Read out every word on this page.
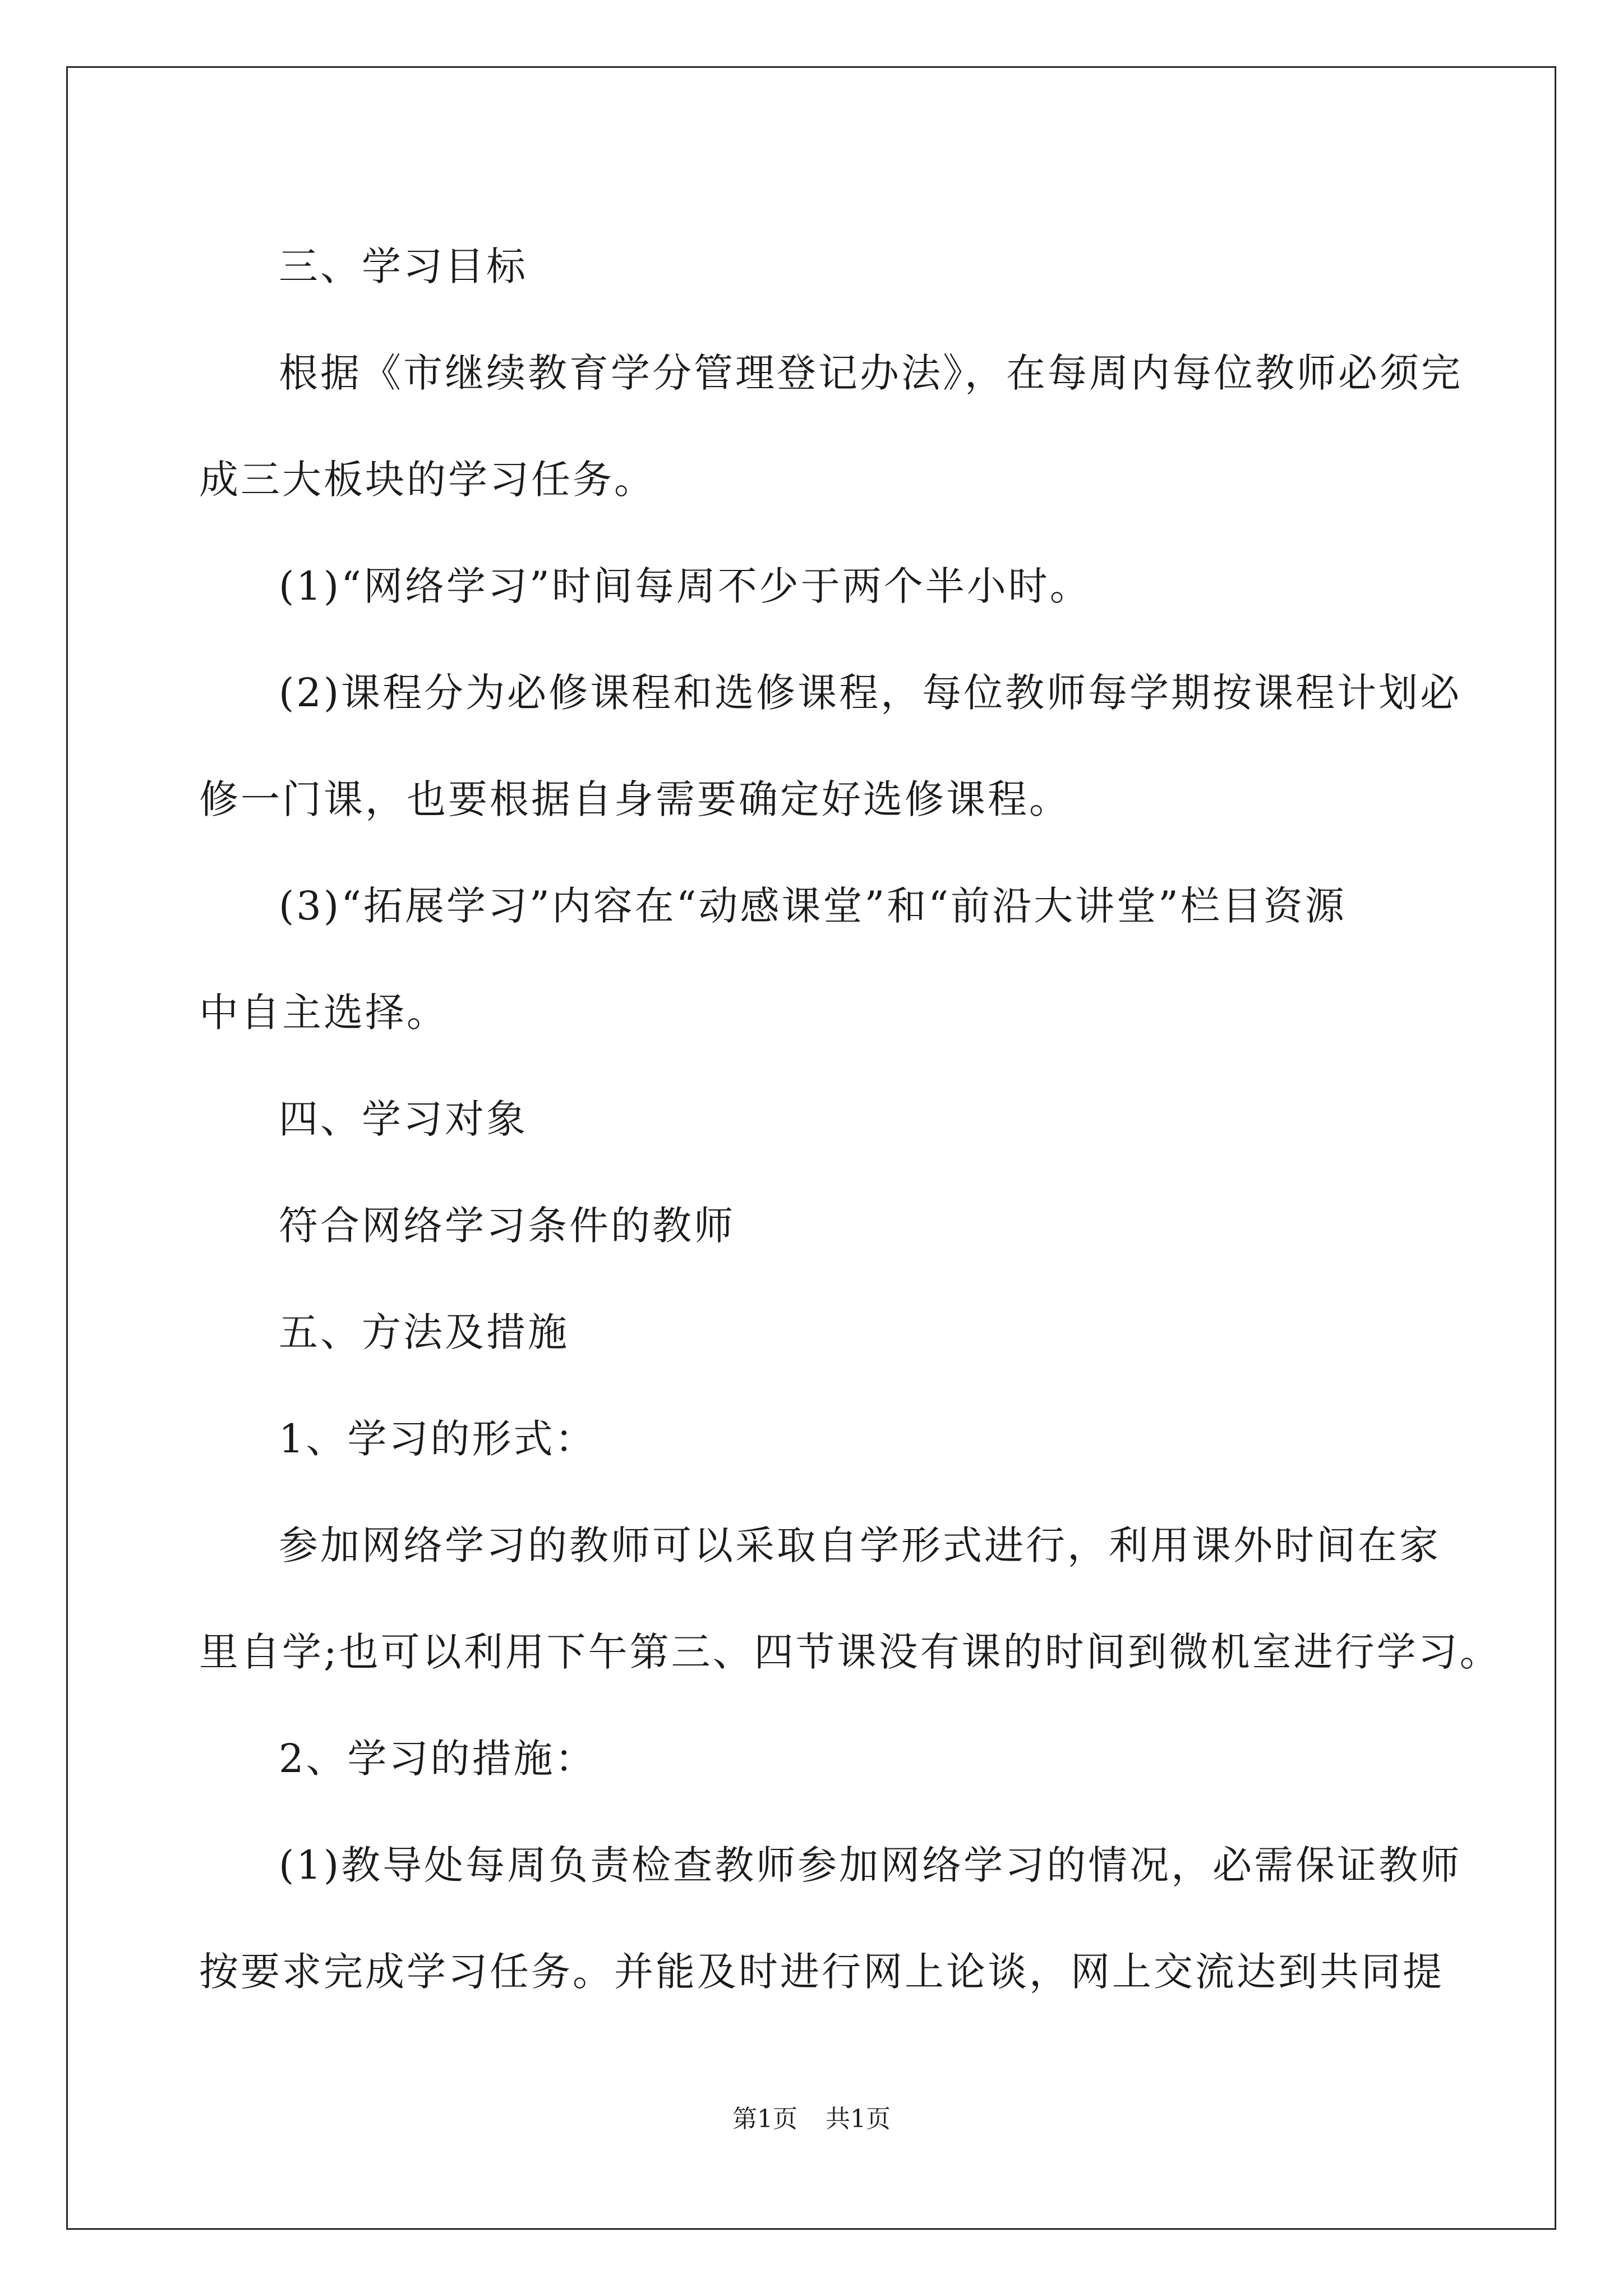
三、学习目标

根据《市继续教育学分管理登记办法》，在每周内每位教师必须完

成三大板块的学习任务。

(1)“网络学习”时间每周不少于两个半小时。

(2)课程分为必修课程和选修课程，每位教师每学期按课程计划必

修一门课，也要根据自身需要确定好选修课程。

(3)“拓展学习”内容在“动感课堂”和“前沿大讲堂”栏目资源

中自主选择。

四、学习对象

符合网络学习条件的教师

五、方法及措施

1、学习的形式：

参加网络学习的教师可以采取自学形式进行，利用课外时间在家

里自学;也可以利用下午第三、四节课没有课的时间到微机室进行学习。

2、学习的措施：

(1)教导处每周负责检查教师参加网络学习的情况，必需保证教师

按要求完成学习任务。并能及时进行网上论谈，网上交流达到共同提

第1页 共1页
